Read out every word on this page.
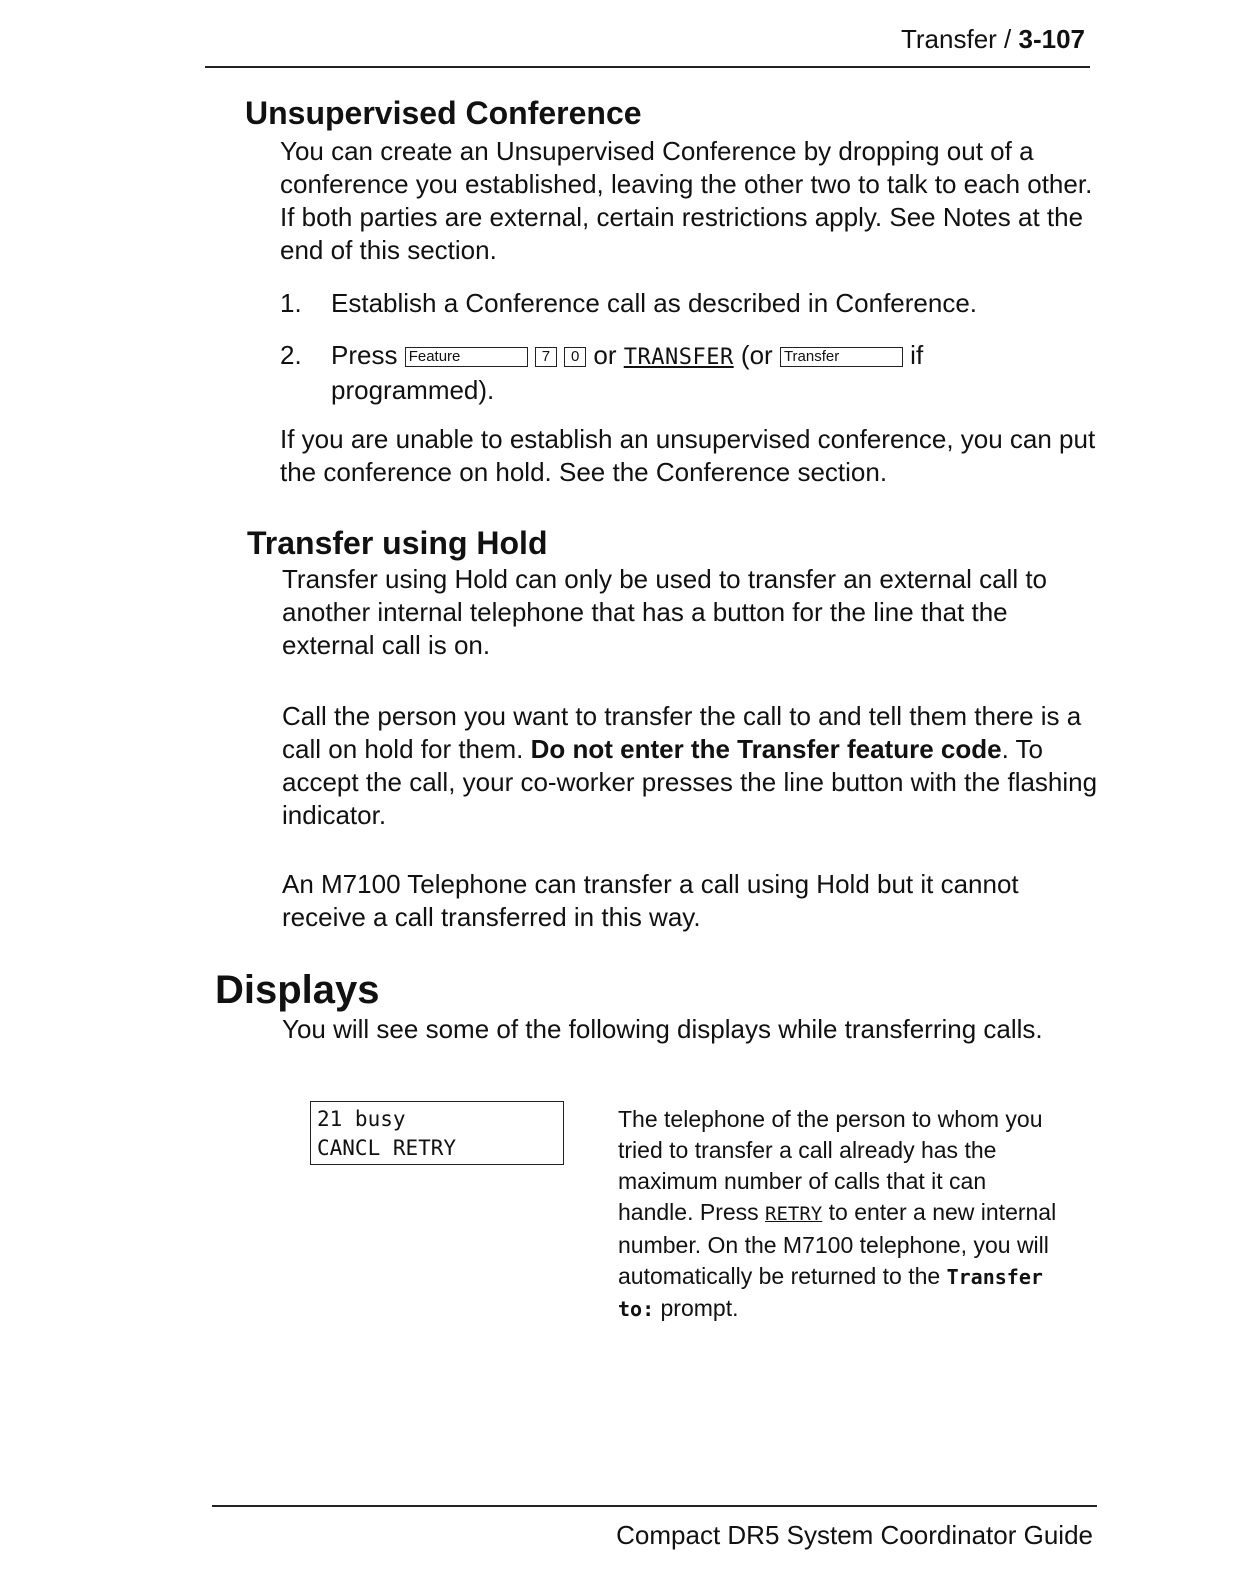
Transfer / 3-107
Unsupervised Conference
You can create an Unsupervised Conference by dropping out of a conference you established, leaving the other two to talk to each other. If both parties are external, certain restrictions apply. See Notes at the end of this section.
1. Establish a Conference call as described in Conference.
2. Press Feature	7 0 or TRANSFER (or Transfer if programmed).
If you are unable to establish an unsupervised conference, you can put the conference on hold. See the Conference section.
Transfer using Hold
Transfer using Hold can only be used to transfer an external call to another internal telephone that has a button for the line that the external call is on.
Call the person you want to transfer the call to and tell them there is a call on hold for them. Do not enter the Transfer feature code. To accept the call, your co-worker presses the line button with the flashing indicator.
An M7100 Telephone can transfer a call using Hold but it cannot receive a call transferred in this way.
Displays
You will see some of the following displays while transferring calls.
21 busy
CANCL RETRY
The telephone of the person to whom you tried to transfer a call already has the maximum number of calls that it can handle. Press RETRY to enter a new internal number. On the M7100 telephone, you will automatically be returned to the Transfer to: prompt.
Compact DR5 System Coordinator Guide
